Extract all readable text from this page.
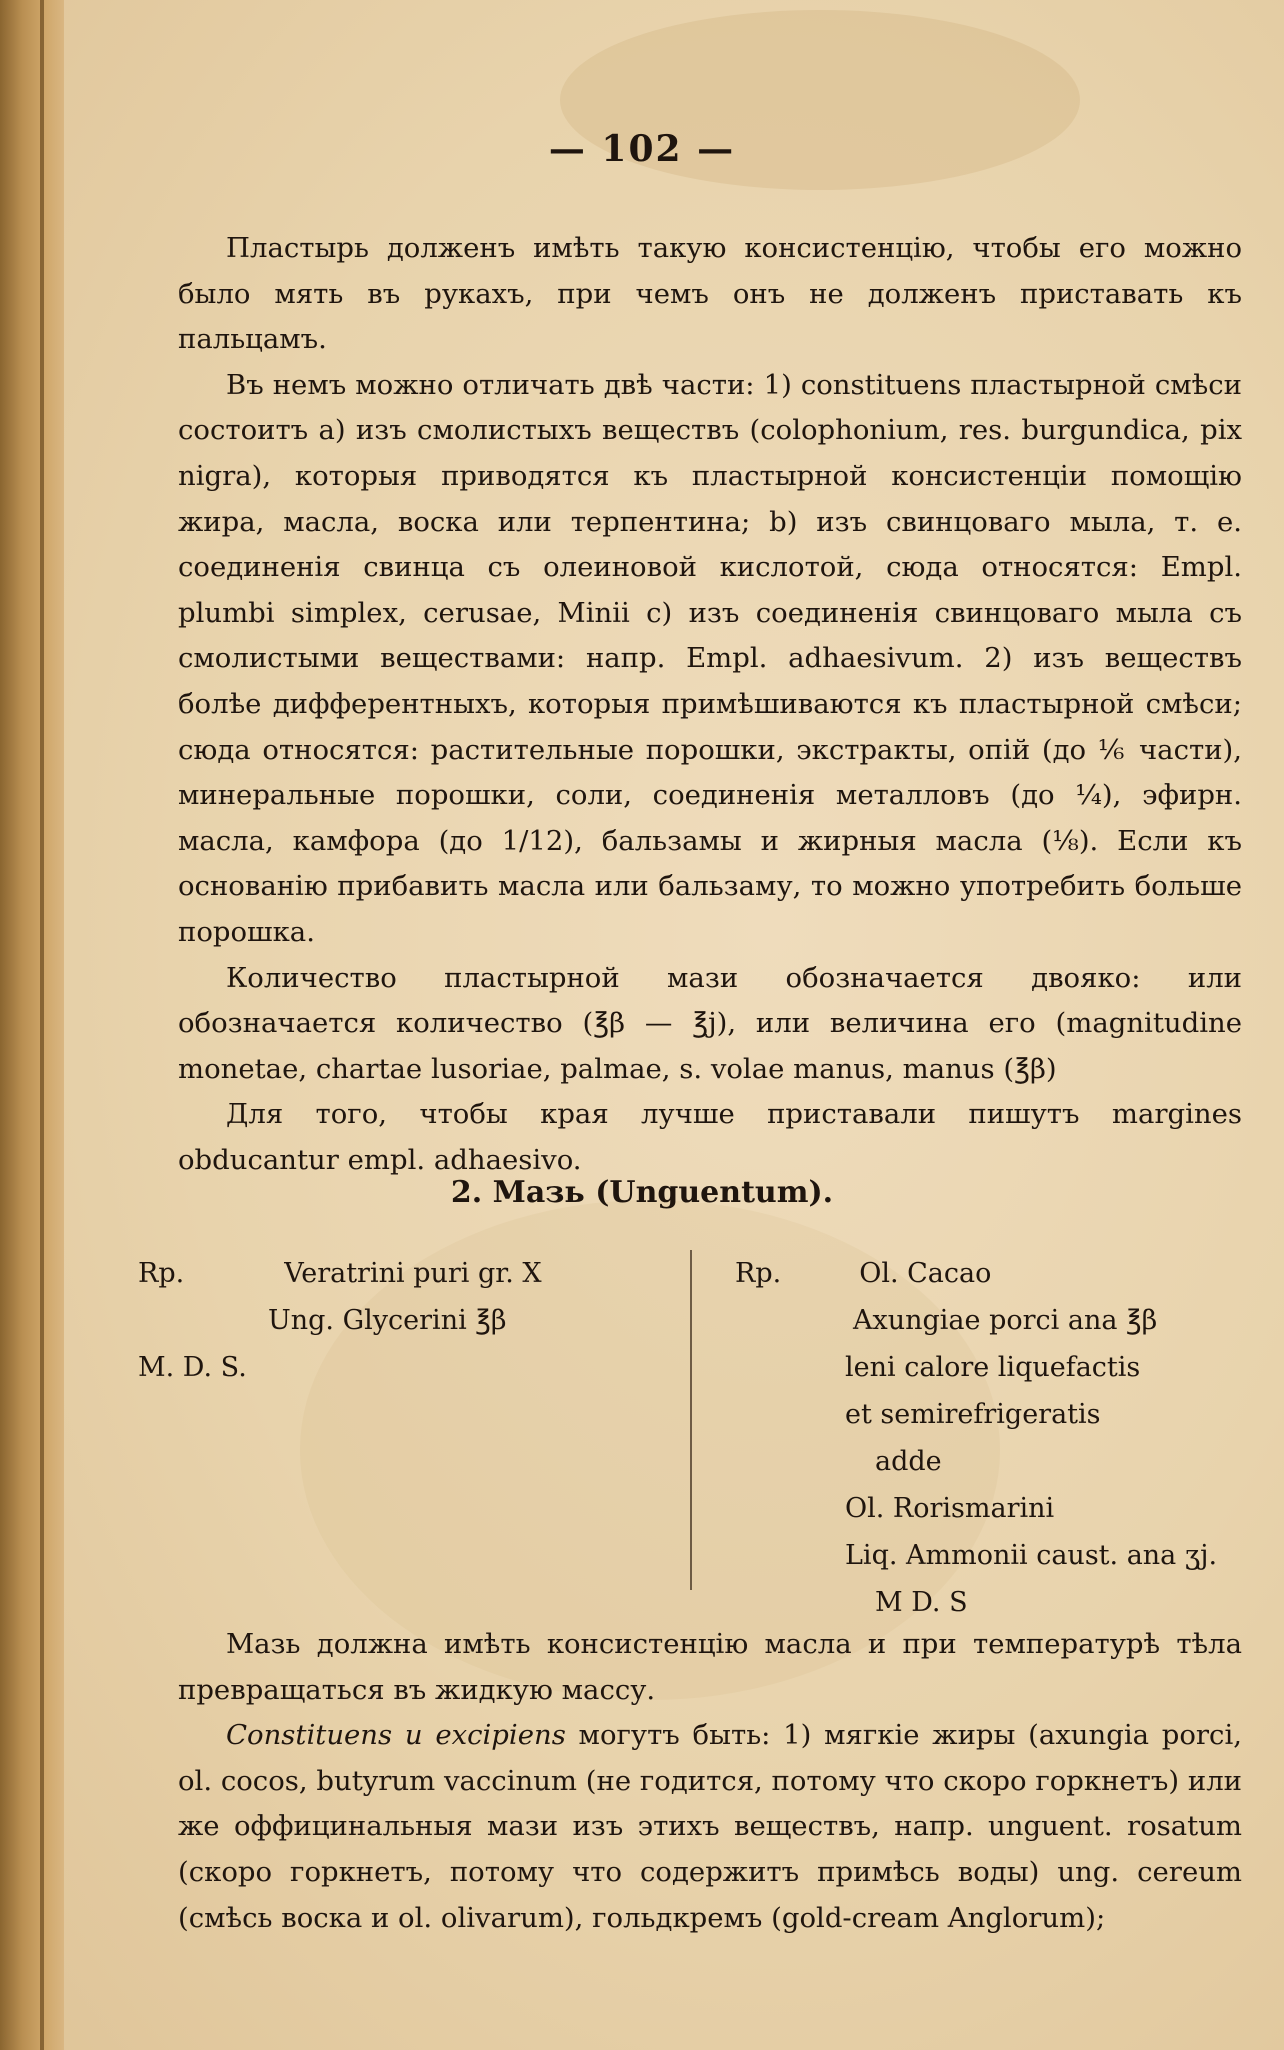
— 102 —

Пластырь долженъ имѣть такую консистенцію, чтобы его можно было мять въ рукахъ, при чемъ онъ не долженъ приставать къ пальцамъ.

Въ немъ можно отличать двѣ части: 1) constituens пластырной смѣси состоитъ а) изъ смолистыхъ веществъ (colophonium, res. burgundica, pix nigra), которыя приводятся къ пластырной консистенціи помощію жира, масла, воска или терпентина; b) изъ свинцоваго мыла, т. е. соединенія свинца съ олеиновой кислотой, сюда относятся: Empl. plumbi simplex, cerusae, Minii c) изъ соединенія свинцоваго мыла съ смолистыми веществами: напр. Empl. adhaesivum. 2) изъ веществъ болѣе дифферентныхъ, которыя примѣшиваются къ пластырной смѣси; сюда относятся: растительные порошки, экстракты, опій (до ⅙ части), минеральные порошки, соли, соединенія металловъ (до ¼), эфирн. масла, камфора (до 1/12), бальзамы и жирныя масла (⅛). Если къ основанію прибавить масла или бальзаму, то можно употребить больше порошка.

Количество пластырной мази обозначается двояко: или обозначается количество (℥β — ℥j), или величина его (magnitudine monetae, chartae lusoriae, palmae, s. volae manus, manus (℥β)

Для того, чтобы края лучше приставали пишутъ margines obducantur empl. adhaesivo.

2. Мазь (Unguentum).
Rp.	Veratrini puri gr. X
Ung. Glycerini ℥β
M. D. S.
Rp.	Ol. Cacao
Axungiae porci ana ℥β
leni calore liquefactis
et semirefrigeratis
adde
Ol. Rorismarini
Liq. Ammonii caust. ana ʒj.
M D. S

Мазь должна имѣть консистенцію масла и при температурѣ тѣла превращаться въ жидкую массу.

Constituens и excipiens могутъ быть: 1) мягкіе жиры (axungia porci, ol. cocos, butyrum vaccinum (не годится, потому что скоро горкнетъ) или же оффицинальныя мази изъ этихъ веществъ, напр. unguent. rosatum (скоро горкнетъ, потому что содержитъ примѣсь воды) ung. cereum (смѣсь воска и ol. olivarum), гольдкремъ (gold-cream Anglorum);
